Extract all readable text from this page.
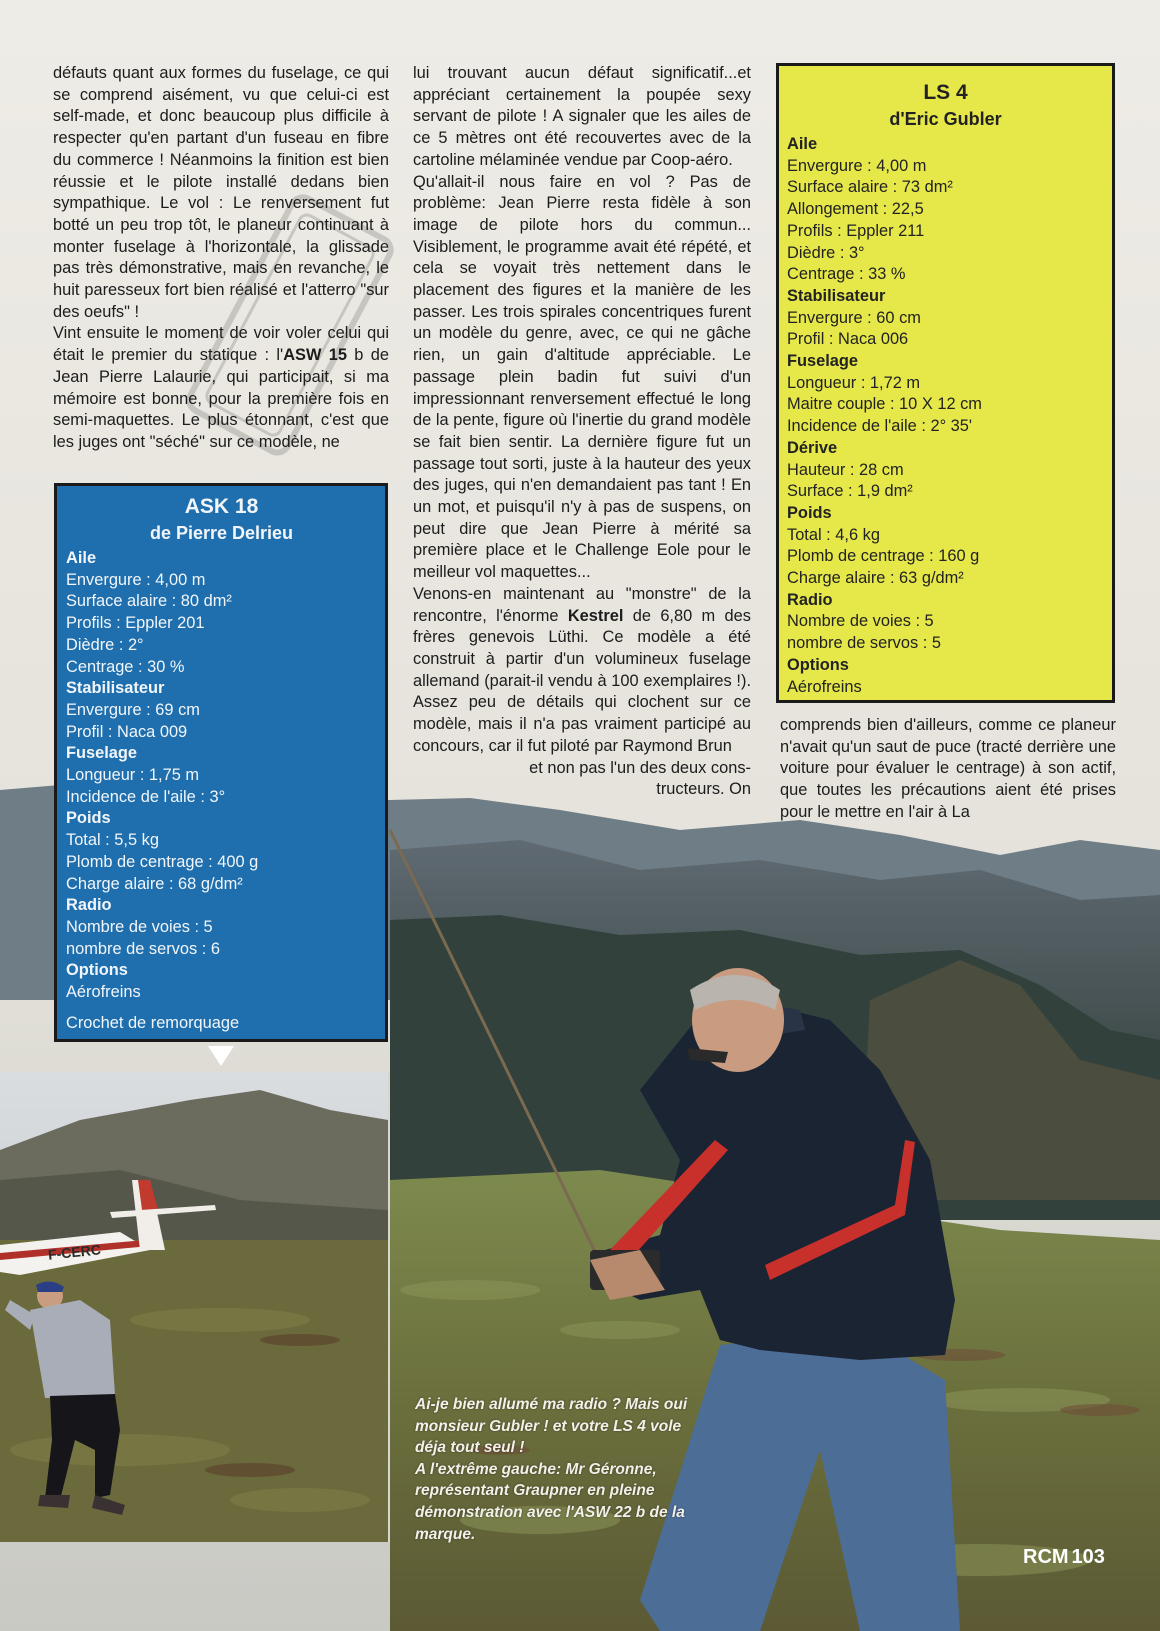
défauts quant aux formes du fuselage, ce qui se comprend aisément, vu que celui-ci est self-made, et donc beaucoup plus difficile à respecter qu'en partant d'un fuseau en fibre du commerce ! Néanmoins la finition est bien réussie et le pilote installé dedans bien sympathique. Le vol : Le renversement fut botté un peu trop tôt, le planeur continuant à monter fuselage à l'horizontale, la glissade pas très démonstrative, mais en revanche, le huit paresseux fort bien réalisé et l'atterro "sur des oeufs" !

Vint ensuite le moment de voir voler celui qui était le premier du statique : l'ASW 15 b de Jean Pierre Lalaurie, qui participait, si ma mémoire est bonne, pour la première fois en semi-maquettes. Le plus étonnant, c'est que les juges ont "séché" sur ce modèle, ne

lui trouvant aucun défaut significatif...et appréciant certainement la poupée sexy servant de pilote ! A signaler que les ailes de ce 5 mètres ont été recouvertes avec de la cartoline mélaminée vendue par Coop-aéro.

Qu'allait-il nous faire en vol ? Pas de problème: Jean Pierre resta fidèle à son image de pilote hors du commun... Visiblement, le programme avait été répété, et cela se voyait très nettement dans le placement des figures et la manière de les passer. Les trois spirales concentriques furent un modèle du genre, avec, ce qui ne gâche rien, un gain d'altitude appréciable. Le passage plein badin fut suivi d'un impressionnant renversement effectué le long de la pente, figure où l'inertie du grand modèle se fait bien sentir. La dernière figure fut un passage tout sorti, juste à la hauteur des yeux des juges, qui n'en demandaient pas tant ! En un mot, et puisqu'il n'y à pas de suspens, on peut dire que Jean Pierre à mérité sa première place et le Challenge Eole pour le meilleur vol maquettes...

Venons-en maintenant au "monstre" de la rencontre, l'énorme Kestrel de 6,80 m des frères genevois Lüthi. Ce modèle a été construit à partir d'un volumineux fuselage allemand (parait-il vendu à 100 exemplaires !). Assez peu de détails qui clochent sur ce modèle, mais il n'a pas vraiment participé au concours, car il fut piloté par Raymond Brun

et non pas l'un des deux cons-

tructeurs. On

comprends bien d'ailleurs, comme ce planeur n'avait qu'un saut de puce (tracté derrière une voiture pour évaluer le centrage) à son actif, que toutes les précautions aient été prises pour le mettre en l'air à La

ASK 18
de Pierre Delrieu
Aile
Envergure : 4,00 m
Surface alaire : 80 dm²
Profils : Eppler 201
Dièdre : 2°
Centrage : 30 %
Stabilisateur
Envergure : 69 cm
Profil : Naca 009
Fuselage
Longueur : 1,75 m
Incidence de l'aile : 3°
Poids
Total : 5,5 kg
Plomb de centrage : 400 g
Charge alaire : 68 g/dm²
Radio
Nombre de voies : 5
nombre de servos : 6
Options
Aérofreins
Crochet de remorquage
LS 4
d'Eric Gubler
Aile
Envergure : 4,00 m
Surface alaire : 73 dm²
Allongement : 22,5
Profils : Eppler 211
Dièdre : 3°
Centrage : 33 %
Stabilisateur
Envergure : 60 cm
Profil : Naca 006
Fuselage
Longueur : 1,72 m
Maitre couple : 10 X 12 cm
Incidence de l'aile : 2° 35'
Dérive
Hauteur : 28 cm
Surface : 1,9 dm²
Poids
Total : 4,6 kg
Plomb de centrage : 160 g
Charge alaire : 63 g/dm²
Radio
Nombre de voies : 5
nombre de servos : 5
Options
Aérofreins
F-CERC
Ai-je bien allumé ma radio ? Mais oui monsieur Gubler ! et votre LS 4 vole déja tout seul !
A l'extrême gauche: Mr Géronne, représentant Graupner en pleine démonstration avec l'ASW 22 b de la marque.
RCM 103
